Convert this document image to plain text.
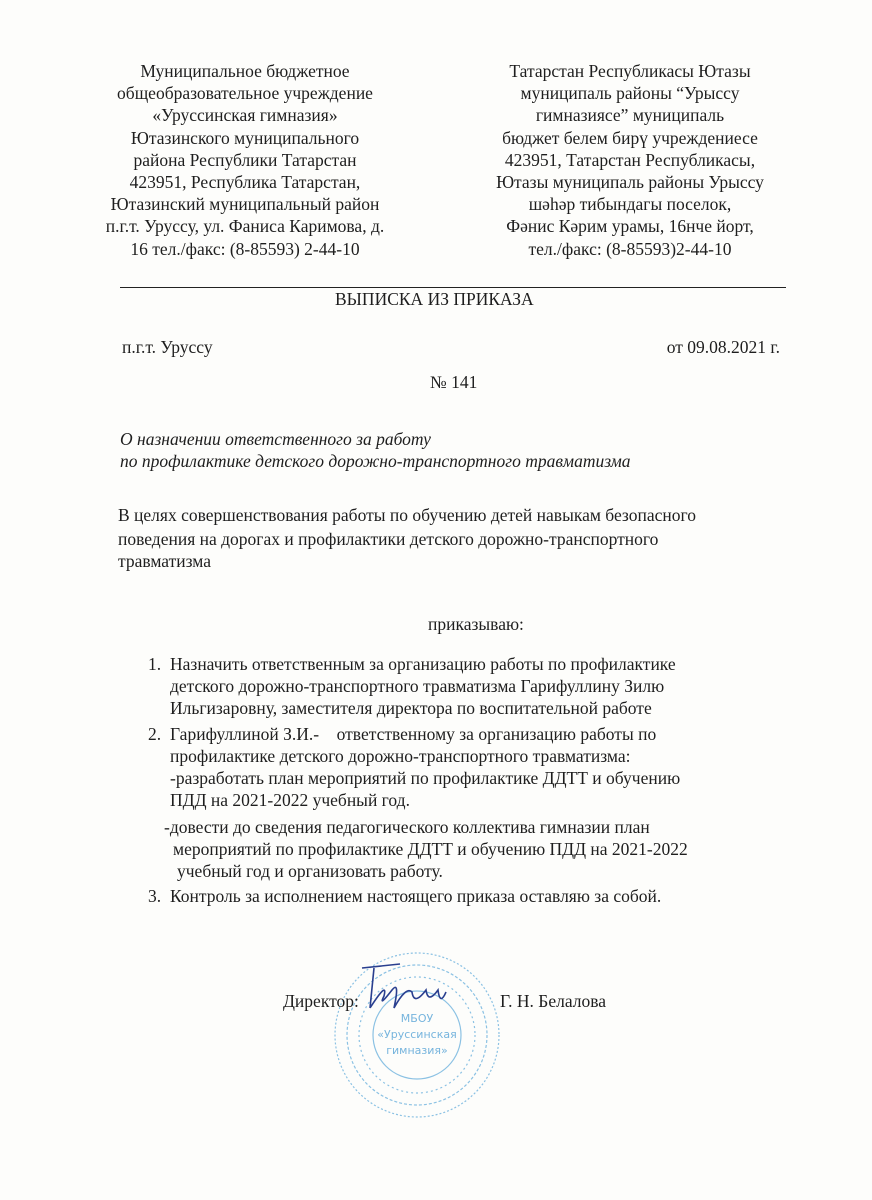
Муниципальное бюджетное
общеобразовательное учреждение
«Уруссинская гимназия»
Ютазинского муниципального
района Республики Татарстан
423951, Республика Татарстан,
Ютазинский муниципальный район
п.г.т. Уруссу, ул. Фаниса Каримова, д.
16 тел./факс: (8-85593) 2-44-10
Татарстан Республикасы Ютазы
муниципаль районы “Урыссу
гимназиясе” муниципаль
бюджет белем бирү учреждениесе
423951, Татарстан Республикасы,
Ютазы муниципаль районы Урыссу
шәһәр тибындагы поселок,
Фәнис Кәрим урамы, 16нче йорт,
тел./факс: (8-85593)2-44-10
ВЫПИСКА ИЗ ПРИКАЗА
п.г.т. Уруссу	от 09.08.2021 г.
№ 141
О назначении ответственного за работу
по профилактике детского дорожно-транспортного травматизма
В целях совершенствования работы по обучению детей навыкам безопасного
поведения на дорогах и профилактики детского дорожно-транспортного
травматизма
приказываю:
1. Назначить ответственным за организацию работы по профилактике
детского дорожно-транспортного травматизма Гарифуллину Зилю
Ильгизаровну, заместителя директора по воспитательной работе
2. Гарифуллиной З.И.-    ответственному за организацию работы по
профилактике детского дорожно-транспортного травматизма:
-разработать план мероприятий по профилактике ДДТТ и обучению
ПДД на 2021-2022 учебный год.
-довести до сведения педагогического коллектива гимназии план
мероприятий по профилактике ДДТТ и обучению ПДД на 2021-2022
учебный год и организовать работу.
3. Контроль за исполнением настоящего приказа оставляю за собой.
МБОУ
«Уруссинская
гимназия»
Директор:	Г. Н. Белалова
